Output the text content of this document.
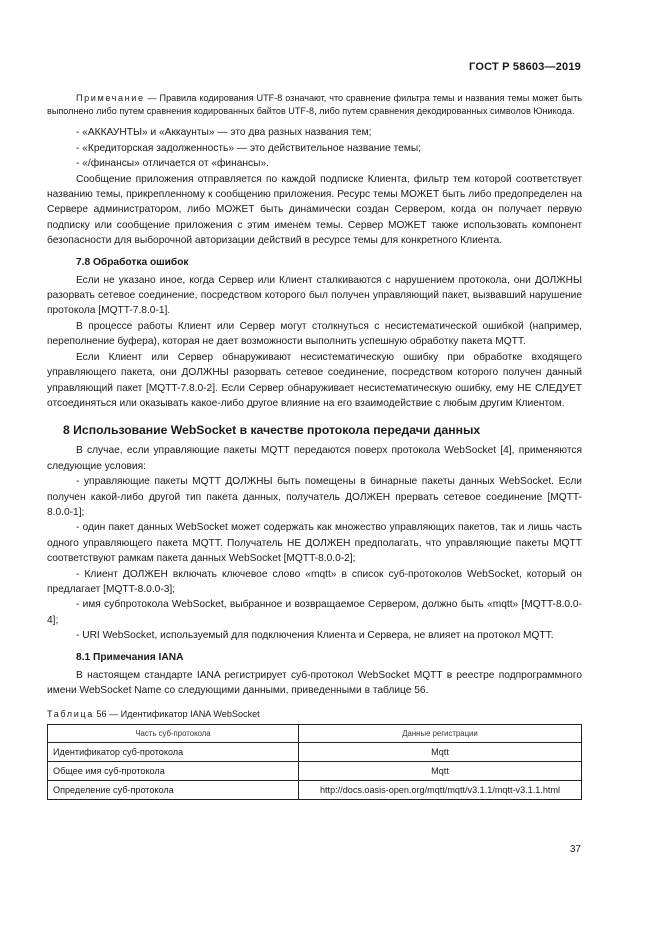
ГОСТ Р 58603—2019

Примечание — Правила кодирования UTF-8 означают, что сравнение фильтра темы и названия темы может быть выполнено либо путем сравнения кодированных байтов UTF-8, либо путем сравнения декодированных символов Юникода.

- «АККАУНТЫ» и «Аккаунты» — это два разных названия тем;

- «Кредиторская задолженность» — это действительное название темы;

- «/финансы» отличается от «финансы».

Сообщение приложения отправляется по каждой подписке Клиента, фильтр тем которой соответствует названию темы, прикрепленному к сообщению приложения. Ресурс темы МОЖЕТ быть либо предопределен на Сервере администратором, либо МОЖЕТ быть динамически создан Сервером, когда он получает первую подписку или сообщение приложения с этим именем темы. Сервер МОЖЕТ также использовать компонент безопасности для выборочной авторизации действий в ресурсе темы для конкретного Клиента.

7.8 Обработка ошибок

Если не указано иное, когда Сервер или Клиент сталкиваются с нарушением протокола, они ДОЛЖНЫ разорвать сетевое соединение, посредством которого был получен управляющий пакет, вызвавший нарушение протокола [MQTT-7.8.0-1].

В процессе работы Клиент или Сервер могут столкнуться с несистематической ошибкой (например, переполнение буфера), которая не дает возможности выполнить успешную обработку пакета MQTT.

Если Клиент или Сервер обнаруживают несистематическую ошибку при обработке входящего управляющего пакета, они ДОЛЖНЫ разорвать сетевое соединение, посредством которого получен данный управляющий пакет [MQTT-7.8.0-2]. Если Сервер обнаруживает несистематическую ошибку, ему НЕ СЛЕДУЕТ отсоединяться или оказывать какое-либо другое влияние на его взаимодействие с любым другим Клиентом.

8 Использование WebSocket в качестве протокола передачи данных

В случае, если управляющие пакеты MQTT передаются поверх протокола WebSocket [4], применяются следующие условия:

- управляющие пакеты MQTT ДОЛЖНЫ быть помещены в бинарные пакеты данных WebSocket. Если получен какой-либо другой тип пакета данных, получатель ДОЛЖЕН прервать сетевое соединение [MQTT-8.0.0-1];

- один пакет данных WebSocket может содержать как множество управляющих пакетов, так и лишь часть одного управляющего пакета MQTT. Получатель НЕ ДОЛЖЕН предполагать, что управляющие пакеты MQTT соответствуют рамкам пакета данных WebSocket [MQTT-8.0.0-2];

- Клиент ДОЛЖЕН включать ключевое слово «mqtt» в список суб-протоколов WebSocket, который он предлагает [MQTT-8.0.0-3];

- имя субпротокола WebSocket, выбранное и возвращаемое Сервером, должно быть «mqtt» [MQTT-8.0.0-4];

- URI WebSocket, используемый для подключения Клиента и Сервера, не влияет на протокол MQTT.

8.1 Примечания IANA

В настоящем стандарте IANA регистрирует суб-протокол WebSocket MQTT в реестре подпрограммного имени WebSocket Name со следующими данными, приведенными в таблице 56.

Таблица 56 — Идентификатор IANA WebSocket
Часть суб-протокола	Данные регистрации
Идентификатор суб-протокола	Mqtt
Общее имя суб-протокола	Mqtt
Определение суб-протокола	http://docs.oasis-open.org/mqtt/mqtt/v3.1.1/mqtt-v3.1.1.html
37
